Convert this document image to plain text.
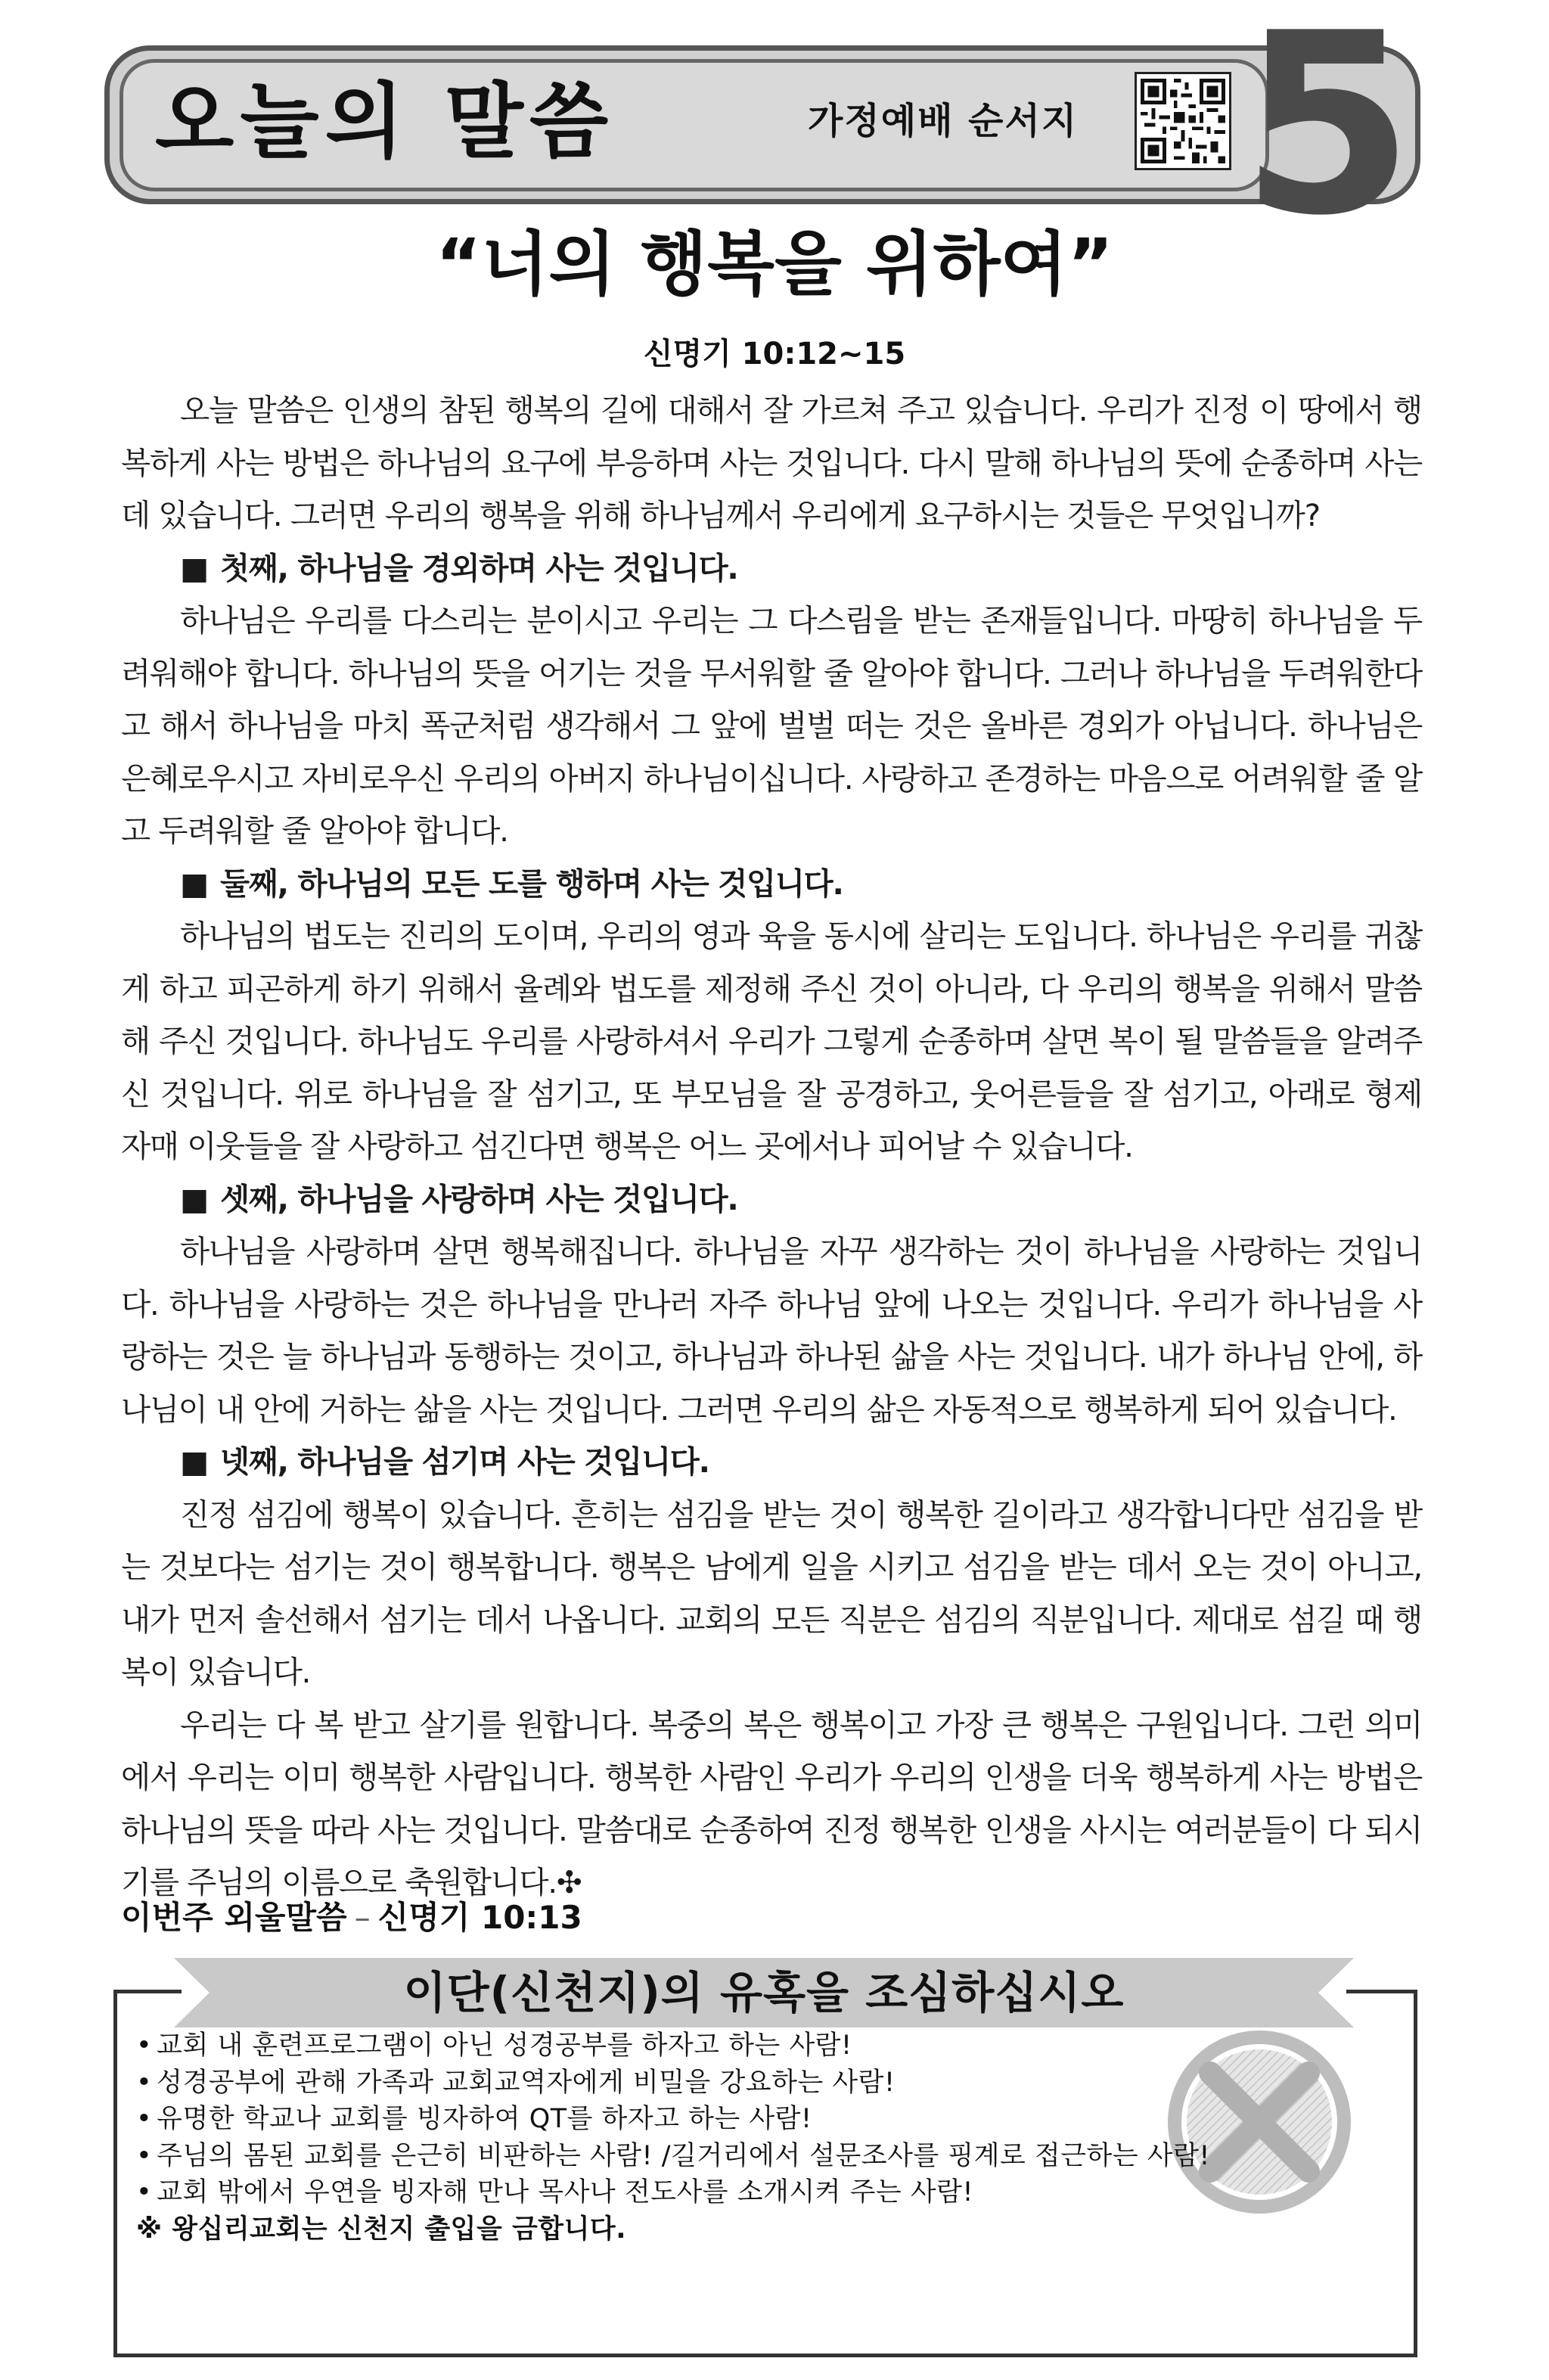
오늘의 말씀	가정예배 순서지 5
“너의 행복을 위하여”
신명기 10:12~15

오늘 말씀은 인생의 참된 행복의 길에 대해서 잘 가르쳐 주고 있습니다. 우리가 진정 이 땅에서 행복하게 사는 방법은 하나님의 요구에 부응하며 사는 것입니다. 다시 말해 하나님의 뜻에 순종하며 사는 데 있습니다. 그러면 우리의 행복을 위해 하나님께서 우리에게 요구하시는 것들은 무엇입니까?

■ 첫째, 하나님을 경외하며 사는 것입니다.

하나님은 우리를 다스리는 분이시고 우리는 그 다스림을 받는 존재들입니다. 마땅히 하나님을 두려워해야 합니다. 하나님의 뜻을 어기는 것을 무서워할 줄 알아야 합니다. 그러나 하나님을 두려워한다고 해서 하나님을 마치 폭군처럼 생각해서 그 앞에 벌벌 떠는 것은 올바른 경외가 아닙니다. 하나님은 은혜로우시고 자비로우신 우리의 아버지 하나님이십니다. 사랑하고 존경하는 마음으로 어려워할 줄 알고 두려워할 줄 알아야 합니다.

■ 둘째, 하나님의 모든 도를 행하며 사는 것입니다.

하나님의 법도는 진리의 도이며, 우리의 영과 육을 동시에 살리는 도입니다. 하나님은 우리를 귀찮게 하고 피곤하게 하기 위해서 율례와 법도를 제정해 주신 것이 아니라, 다 우리의 행복을 위해서 말씀해 주신 것입니다. 하나님도 우리를 사랑하셔서 우리가 그렇게 순종하며 살면 복이 될 말씀들을 알려주신 것입니다. 위로 하나님을 잘 섬기고, 또 부모님을 잘 공경하고, 웃어른들을 잘 섬기고, 아래로 형제 자매 이웃들을 잘 사랑하고 섬긴다면 행복은 어느 곳에서나 피어날 수 있습니다.

■ 셋째, 하나님을 사랑하며 사는 것입니다.

하나님을 사랑하며 살면 행복해집니다. 하나님을 자꾸 생각하는 것이 하나님을 사랑하는 것입니다. 하나님을 사랑하는 것은 하나님을 만나러 자주 하나님 앞에 나오는 것입니다. 우리가 하나님을 사랑하는 것은 늘 하나님과 동행하는 것이고, 하나님과 하나된 삶을 사는 것입니다. 내가 하나님 안에, 하나님이 내 안에 거하는 삶을 사는 것입니다. 그러면 우리의 삶은 자동적으로 행복하게 되어 있습니다.

■ 넷째, 하나님을 섬기며 사는 것입니다.

진정 섬김에 행복이 있습니다. 흔히는 섬김을 받는 것이 행복한 길이라고 생각합니다만 섬김을 받는 것보다는 섬기는 것이 행복합니다. 행복은 남에게 일을 시키고 섬김을 받는 데서 오는 것이 아니고, 내가 먼저 솔선해서 섬기는 데서 나옵니다. 교회의 모든 직분은 섬김의 직분입니다. 제대로 섬길 때 행복이 있습니다.

우리는 다 복 받고 살기를 원합니다. 복중의 복은 행복이고 가장 큰 행복은 구원입니다. 그런 의미에서 우리는 이미 행복한 사람입니다. 행복한 사람인 우리가 우리의 인생을 더욱 행복하게 사는 방법은 하나님의 뜻을 따라 사는 것입니다. 말씀대로 순종하여 진정 행복한 인생을 사시는 여러분들이 다 되시기를 주님의 이름으로 축원합니다.✣

이번주 외울말씀 – 신명기 10:13
이단(신천지)의 유혹을 조심하십시오
• 교회 내 훈련프로그램이 아닌 성경공부를 하자고 하는 사람!
• 성경공부에 관해 가족과 교회교역자에게 비밀을 강요하는 사람!
• 유명한 학교나 교회를 빙자하여 QT를 하자고 하는 사람!
• 주님의 몸된 교회를 은근히 비판하는 사람! /길거리에서 설문조사를 핑계로 접근하는 사람!
• 교회 밖에서 우연을 빙자해 만나 목사나 전도사를 소개시켜 주는 사람!
※ 왕십리교회는 신천지 출입을 금합니다.
